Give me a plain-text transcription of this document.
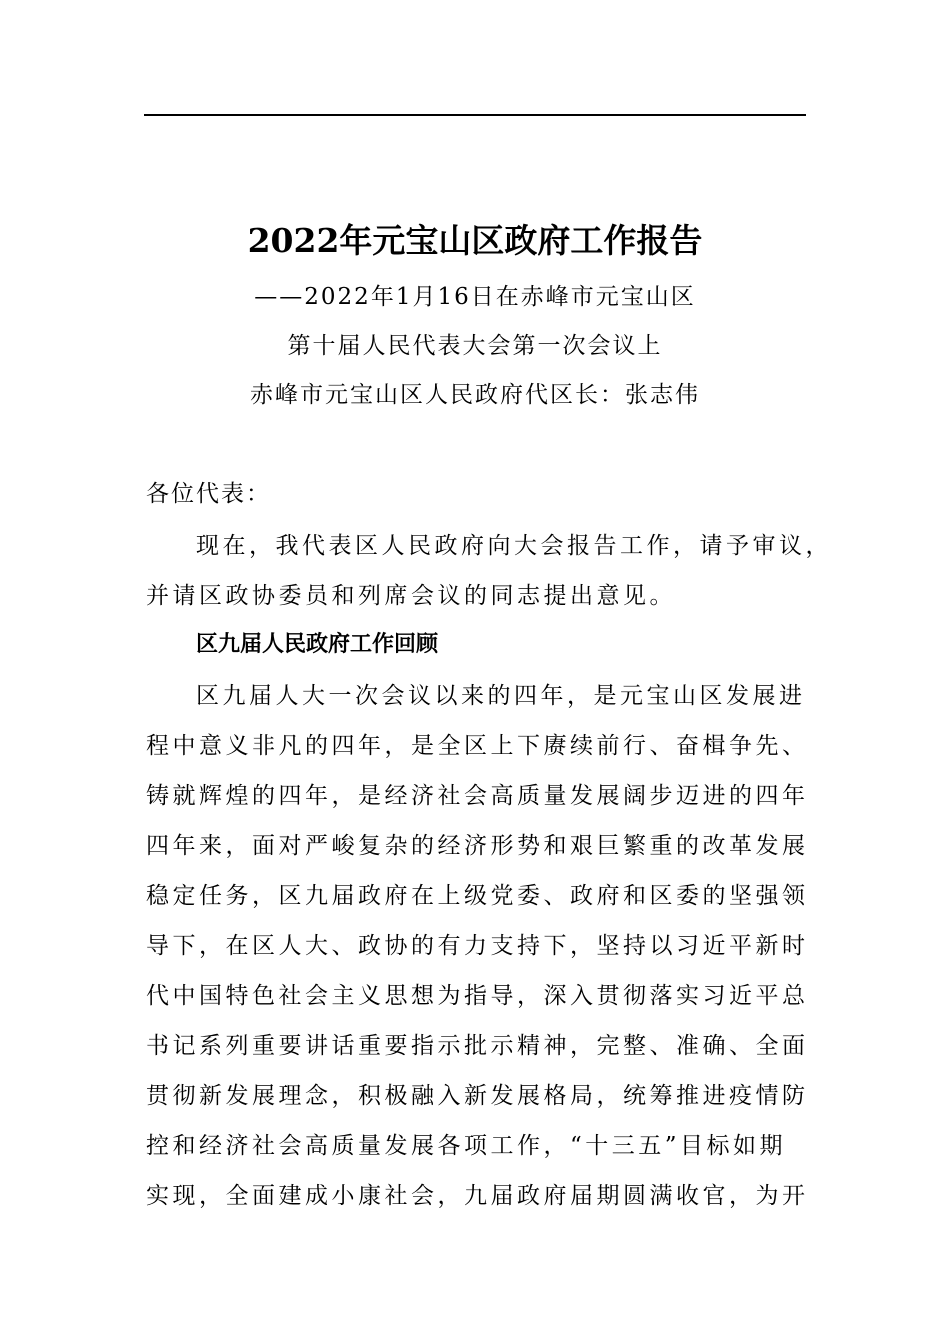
2022年元宝山区政府工作报告
——2022年1月16日在赤峰市元宝山区
第十届人民代表大会第一次会议上
赤峰市元宝山区人民政府代区长：张志伟
各位代表：
现在，我代表区人民政府向大会报告工作，请予审议，
并请区政协委员和列席会议的同志提出意见。
区九届人民政府工作回顾
区九届人大一次会议以来的四年，是元宝山区发展进
程中意义非凡的四年，是全区上下赓续前行、奋楫争先、
铸就辉煌的四年，是经济社会高质量发展阔步迈进的四年
四年来，面对严峻复杂的经济形势和艰巨繁重的改革发展
稳定任务，区九届政府在上级党委、政府和区委的坚强领
导下，在区人大、政协的有力支持下，坚持以习近平新时
代中国特色社会主义思想为指导，深入贯彻落实习近平总
书记系列重要讲话重要指示批示精神，完整、准确、全面
贯彻新发展理念，积极融入新发展格局，统筹推进疫情防
控和经济社会高质量发展各项工作，“十三五”目标如期
实现，全面建成小康社会，九届政府届期圆满收官，为开
